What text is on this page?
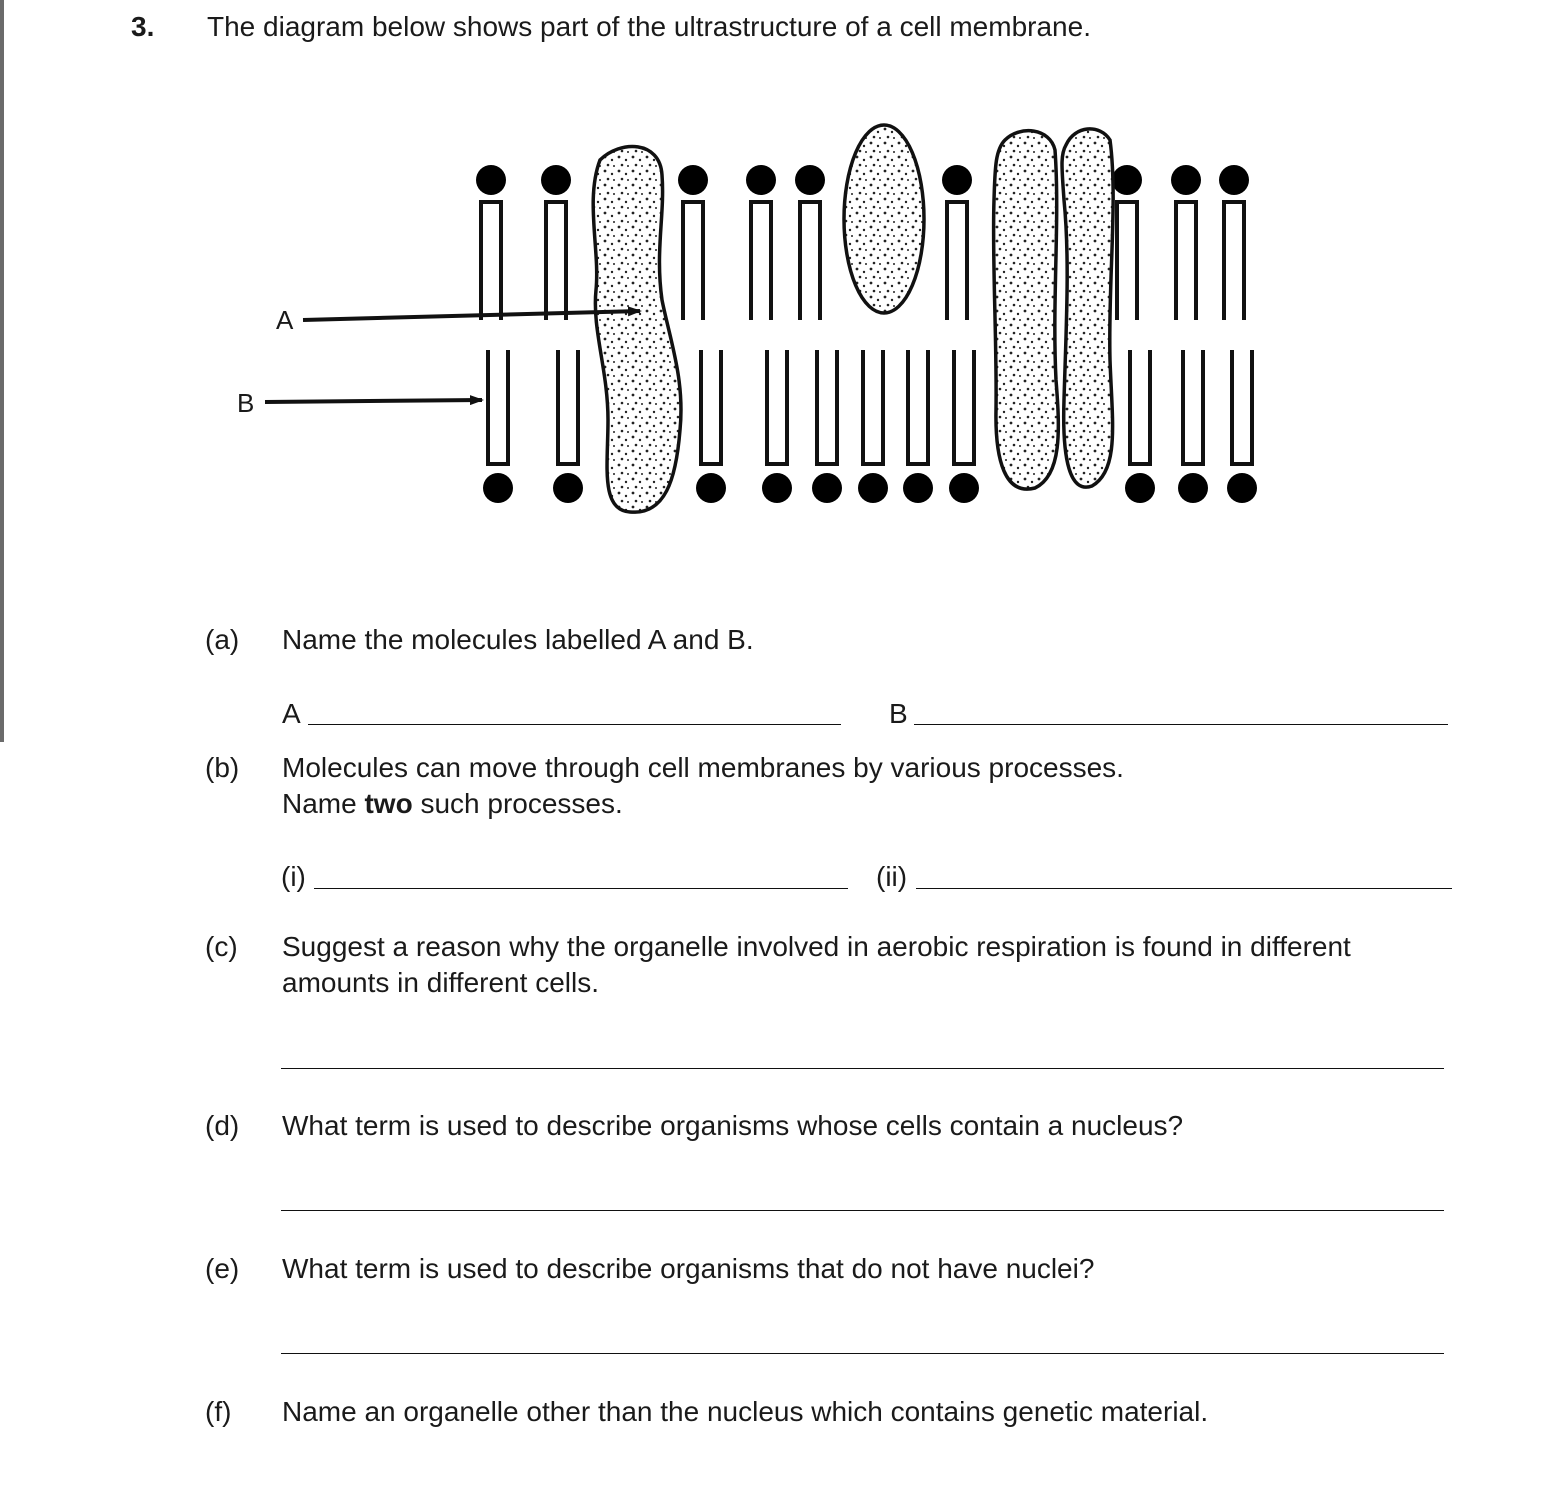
3. The diagram below shows part of the ultrastructure of a cell membrane.
A
B
(a) Name the molecules labelled A and B.
A	B
(b) Molecules can move through cell membranes by various processes.
Name two such processes.
(i)	(ii)
(c) Suggest a reason why the organelle involved in aerobic respiration is found in different
amounts in different cells.
(d) What term is used to describe organisms whose cells contain a nucleus?
(e) What term is used to describe organisms that do not have nuclei?
(f) Name an organelle other than the nucleus which contains genetic material.
